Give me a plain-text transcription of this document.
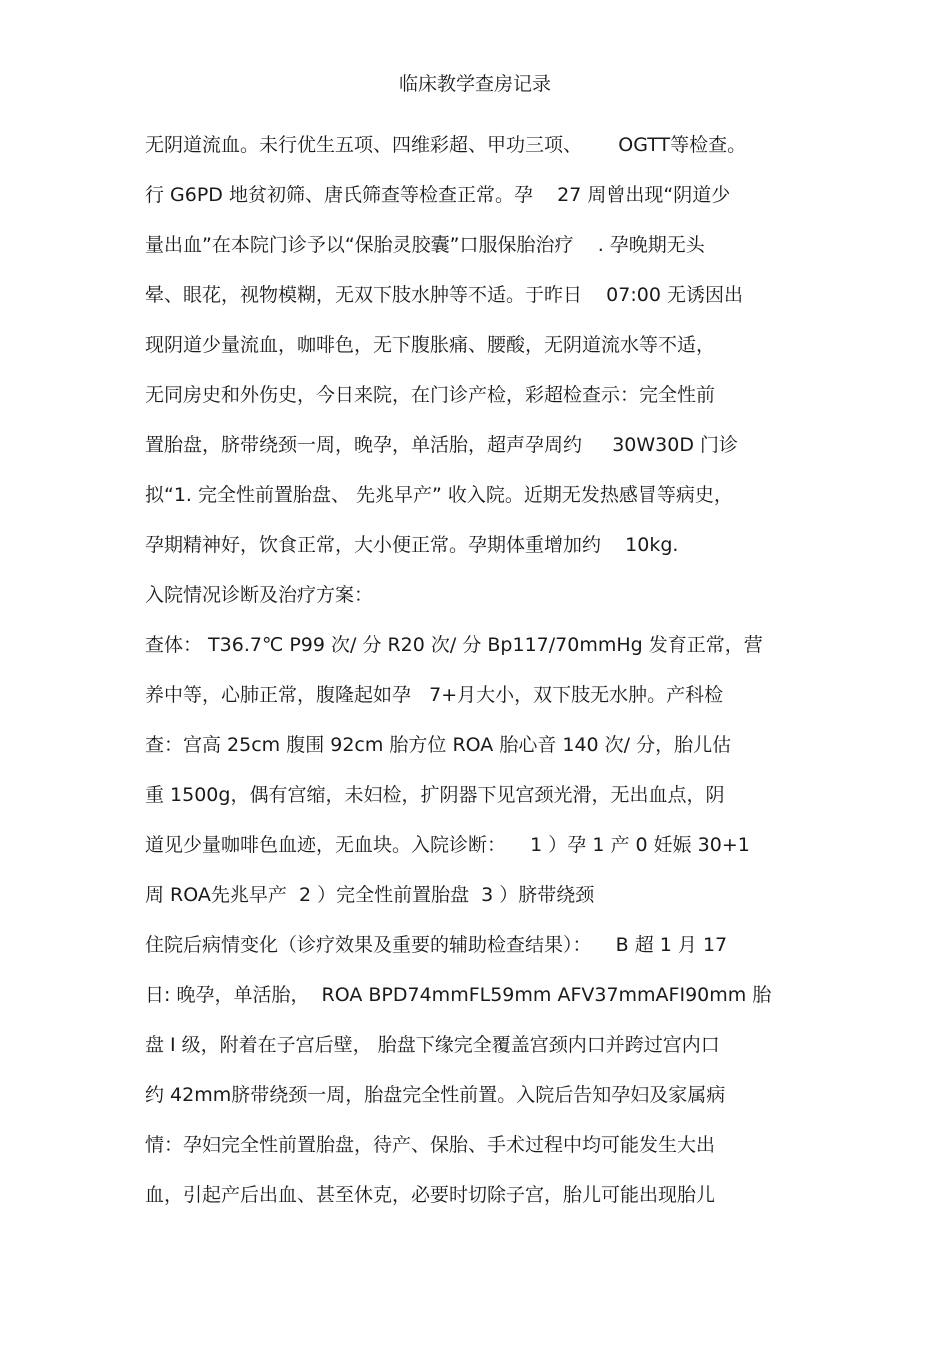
临床教学查房记录
无阴道流血。未行优生五项、四维彩超、甲功三项、      OGTT等检查。
行 G6PD 地贫初筛、唐氏筛查等检查正常。孕    27 周曾出现“阴道少
量出血”在本院门诊予以“保胎灵胶囊”口服保胎治疗    . 孕晚期无头
晕、眼花，视物模糊，无双下肢水肿等不适。于昨日    07:00 无诱因出
现阴道少量流血，咖啡色，无下腹胀痛、腰酸，无阴道流水等不适，
无同房史和外伤史，今日来院，在门诊产检，彩超检查示：完全性前
置胎盘，脐带绕颈一周，晚孕，单活胎，超声孕周约     30W30D 门诊
拟“1. 完全性前置胎盘、 先兆早产” 收入院。近期无发热感冒等病史，
孕期精神好，饮食正常，大小便正常。孕期体重增加约    10kg.
入院情况诊断及治疗方案：
查体： T36.7℃ P99 次/ 分 R20 次/ 分 Bp117/70mmHg 发育正常，营
养中等，心肺正常，腹隆起如孕   7+月大小，双下肢无水肿。产科检
查：宫高 25cm 腹围 92cm 胎方位 ROA 胎心音 140 次/ 分，胎儿估
重 1500g，偶有宫缩，未妇检，扩阴器下见宫颈光滑，无出血点，阴
道见少量咖啡色血迹，无血块。入院诊断：    1 ）孕 1 产 0 妊娠 30+1
周 ROA先兆早产  2 ）完全性前置胎盘  3 ）脐带绕颈
住院后病情变化（诊疗效果及重要的辅助检查结果）：    B 超 1 月 17
日: 晚孕，单活胎，  ROA BPD74mmFL59mm AFV37mmAFI90mm 胎
盘 I 级，附着在子宫后壁， 胎盘下缘完全覆盖宫颈内口并跨过宫内口
约 42mm脐带绕颈一周，胎盘完全性前置。入院后告知孕妇及家属病
情：孕妇完全性前置胎盘，待产、保胎、手术过程中均可能发生大出
血，引起产后出血、甚至休克，必要时切除子宫，胎儿可能出现胎儿
